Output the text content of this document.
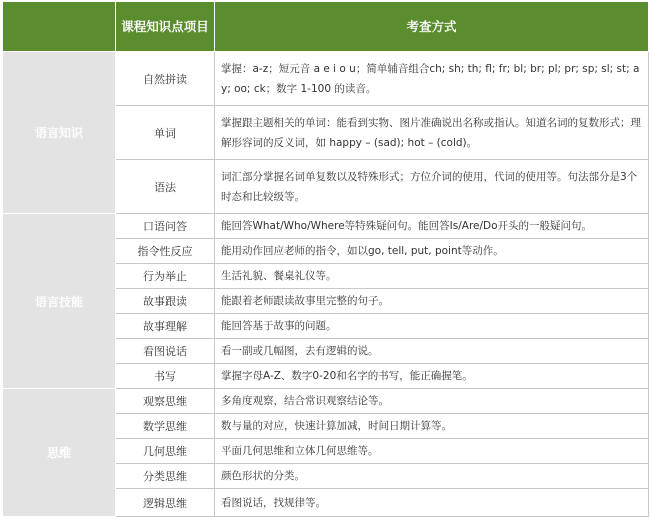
	课程知识点项目	考查方式
语言知识	自然拼读	掌握：a-z；短元音 a e i o u；简单辅音组合ch; sh; th; fl; fr; bl; br; pl; pr; sp; sl; st; ay; oo; ck；数字 1-100 的读音。
	单词	掌握跟主题相关的单词：能看到实物、图片准确说出名称或指认。知道名词的复数形式；理解形容词的反义词，如 happy – (sad); hot – (cold)。
	语法	词汇部分掌握名词单复数以及特殊形式；方位介词的使用，代词的使用等。句法部分是3个时态和比较级等。
语言技能	口语问答	能回答What/Who/Where等特殊疑问句。能回答Is/Are/Do开头的一般疑问句。
	指令性反应	能用动作回应老师的指令，如以go, tell, put, point等动作。
	行为举止	生活礼貌、餐桌礼仪等。
	故事跟读	能跟着老师跟读故事里完整的句子。
	故事理解	能回答基于故事的问题。
	看图说话	看一副或几幅图，去有逻辑的说。
	书写	掌握字母A-Z、数字0-20和名字的书写，能正确握笔。
思维	观察思维	多角度观察，结合常识观察结论等。
	数学思维	数与量的对应，快速计算加减，时间日期计算等。
	几何思维	平面几何思维和立体几何思维等。
	分类思维	颜色形状的分类。
	逻辑思维	看图说话，找规律等。
